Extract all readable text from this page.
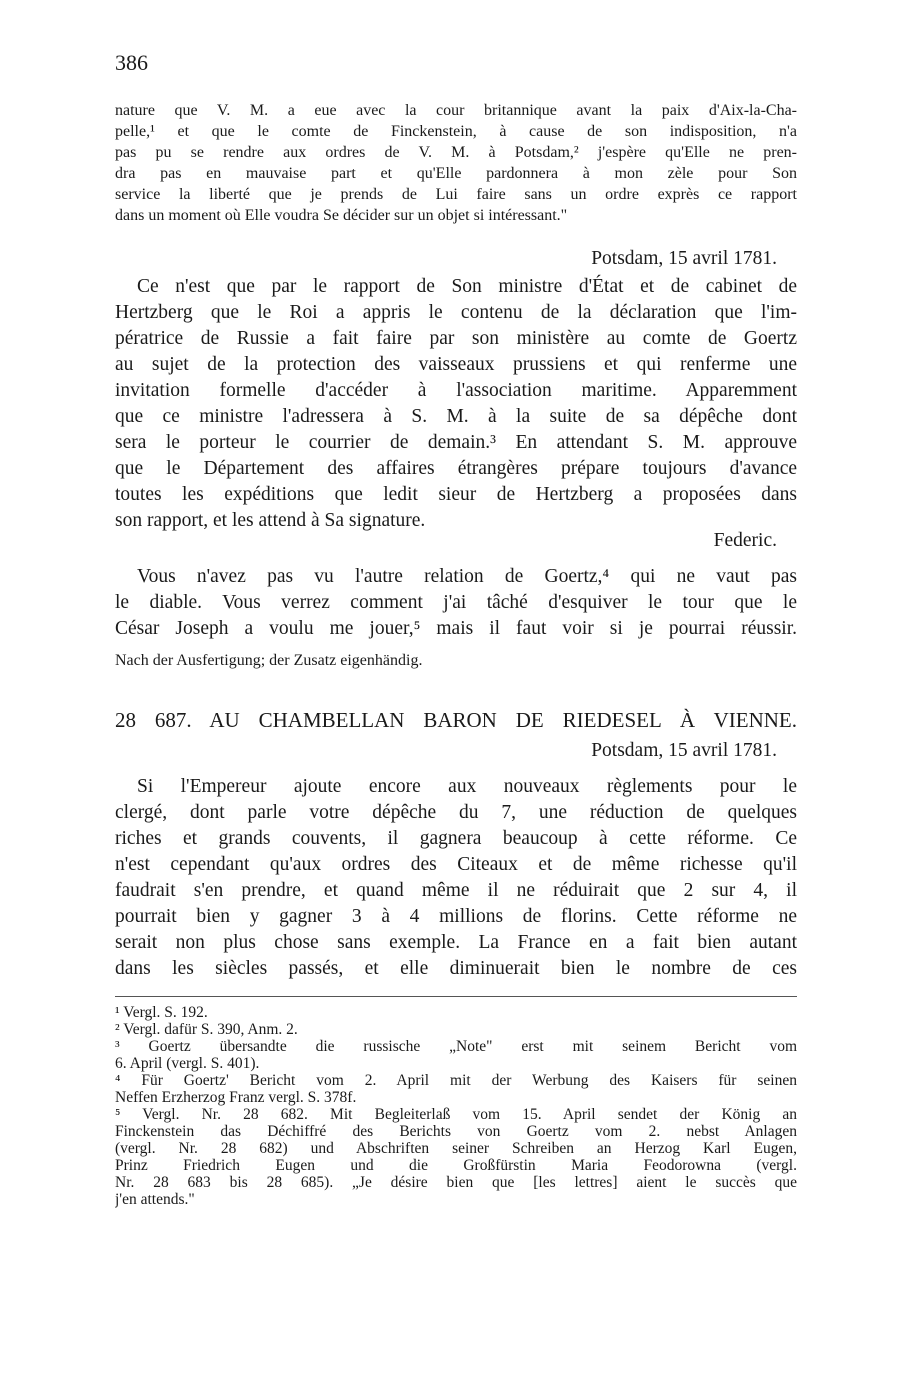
386
nature que V. M. a eue avec la cour britannique avant la paix d'Aix-la-Cha-
pelle,¹ et que le comte de Finckenstein, à cause de son indisposition, n'a
pas pu se rendre aux ordres de V. M. à Potsdam,² j'espère qu'Elle ne pren-
dra pas en mauvaise part et qu'Elle pardonnera à mon zèle pour Son
service la liberté que je prends de Lui faire sans un ordre exprès ce rapport
dans un moment où Elle voudra Se décider sur un objet si intéressant."
Potsdam, 15 avril 1781.
Ce n'est que par le rapport de Son ministre d'État et de cabinet de
Hertzberg que le Roi a appris le contenu de la déclaration que l'im-
pératrice de Russie a fait faire par son ministère au comte de Goertz
au sujet de la protection des vaisseaux prussiens et qui renferme une
invitation formelle d'accéder à l'association maritime. Apparemment
que ce ministre l'adressera à S. M. à la suite de sa dépêche dont
sera le porteur le courrier de demain.³ En attendant S. M. approuve
que le Département des affaires étrangères prépare toujours d'avance
toutes les expéditions que ledit sieur de Hertzberg a proposées dans
son rapport, et les attend à Sa signature.
Federic.
Vous n'avez pas vu l'autre relation de Goertz,⁴ qui ne vaut pas
le diable. Vous verrez comment j'ai tâché d'esquiver le tour que le
César Joseph a voulu me jouer,⁵ mais il faut voir si je pourrai réussir.
Nach der Ausfertigung; der Zusatz eigenhändig.
28 687. AU CHAMBELLAN BARON DE RIEDESEL À VIENNE.
Potsdam, 15 avril 1781.
Si l'Empereur ajoute encore aux nouveaux règlements pour le
clergé, dont parle votre dépêche du 7, une réduction de quelques
riches et grands couvents, il gagnera beaucoup à cette réforme. Ce
n'est cependant qu'aux ordres des Citeaux et de même richesse qu'il
faudrait s'en prendre, et quand même il ne réduirait que 2 sur 4, il
pourrait bien y gagner 3 à 4 millions de florins. Cette réforme ne
serait non plus chose sans exemple. La France en a fait bien autant
dans les siècles passés, et elle diminuerait bien le nombre de ces
¹ Vergl. S. 192.
² Vergl. dafür S. 390, Anm. 2.
³ Goertz übersandte die russische „Note" erst mit seinem Bericht vom
6. April (vergl. S. 401).
⁴ Für Goertz' Bericht vom 2. April mit der Werbung des Kaisers für seinen
Neffen Erzherzog Franz vergl. S. 378f.
⁵ Vergl. Nr. 28 682. Mit Begleiterlaß vom 15. April sendet der König an
Finckenstein das Déchiffré des Berichts von Goertz vom 2. nebst Anlagen
(vergl. Nr. 28 682) und Abschriften seiner Schreiben an Herzog Karl Eugen,
Prinz Friedrich Eugen und die Großfürstin Maria Feodorowna (vergl.
Nr. 28 683 bis 28 685). „Je désire bien que [les lettres] aient le succès que
j'en attends."
